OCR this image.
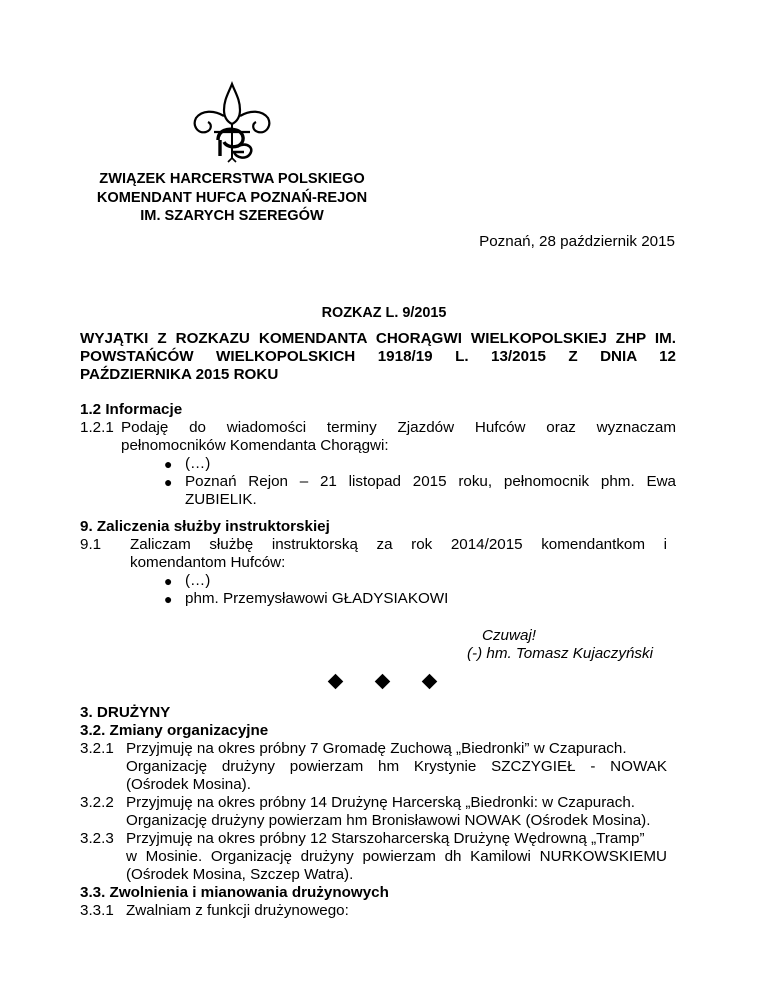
ZWIĄZEK HARCERSTWA POLSKIEGO
KOMENDANT HUFCA POZNAŃ-REJON
IM. SZARYCH SZEREGÓW
Poznań, 28 październik 2015
ROZKAZ L. 9/2015
WYJĄTKI Z ROZKAZU KOMENDANTA CHORĄGWI WIELKOPOLSKIEJ ZHP IM.
POWSTAŃCÓW WIELKOPOLSKICH 1918/19 L. 13/2015 Z DNIA 12
PAŹDZIERNIKA 2015 ROKU
1.2 Informacje
1.2.1 Podaję do wiadomości terminy Zjazdów Hufców oraz wyznaczam
pełnomocników Komendanta Chorągwi:
● (…)
● Poznań Rejon – 21 listopad 2015 roku, pełnomocnik phm. Ewa
ZUBIELIK.
9. Zaliczenia służby instruktorskiej
9.1 Zaliczam służbę instruktorską za rok 2014/2015 komendantkom i
komendantom Hufców:
● (…)
● phm. Przemysławowi GŁADYSIAKOWI
Czuwaj!
(-) hm. Tomasz Kujaczyński
3. DRUŻYNY
3.2. Zmiany organizacyjne
3.2.1 Przyjmuję na okres próbny 7 Gromadę Zuchową „Biedronki” w Czapurach.
Organizację drużyny powierzam hm Krystynie SZCZYGIEŁ - NOWAK
(Ośrodek Mosina).
3.2.2 Przyjmuję na okres próbny 14 Drużynę Harcerską „Biedronki: w Czapurach.
Organizację drużyny powierzam hm Bronisławowi NOWAK (Ośrodek Mosina).
3.2.3 Przyjmuję na okres próbny 12 Starszoharcerską Drużynę Wędrowną „Tramp”
w Mosinie. Organizację drużyny powierzam dh Kamilowi NURKOWSKIEMU
(Ośrodek Mosina, Szczep Watra).
3.3. Zwolnienia i mianowania drużynowych
3.3.1 Zwalniam z funkcji drużynowego:
